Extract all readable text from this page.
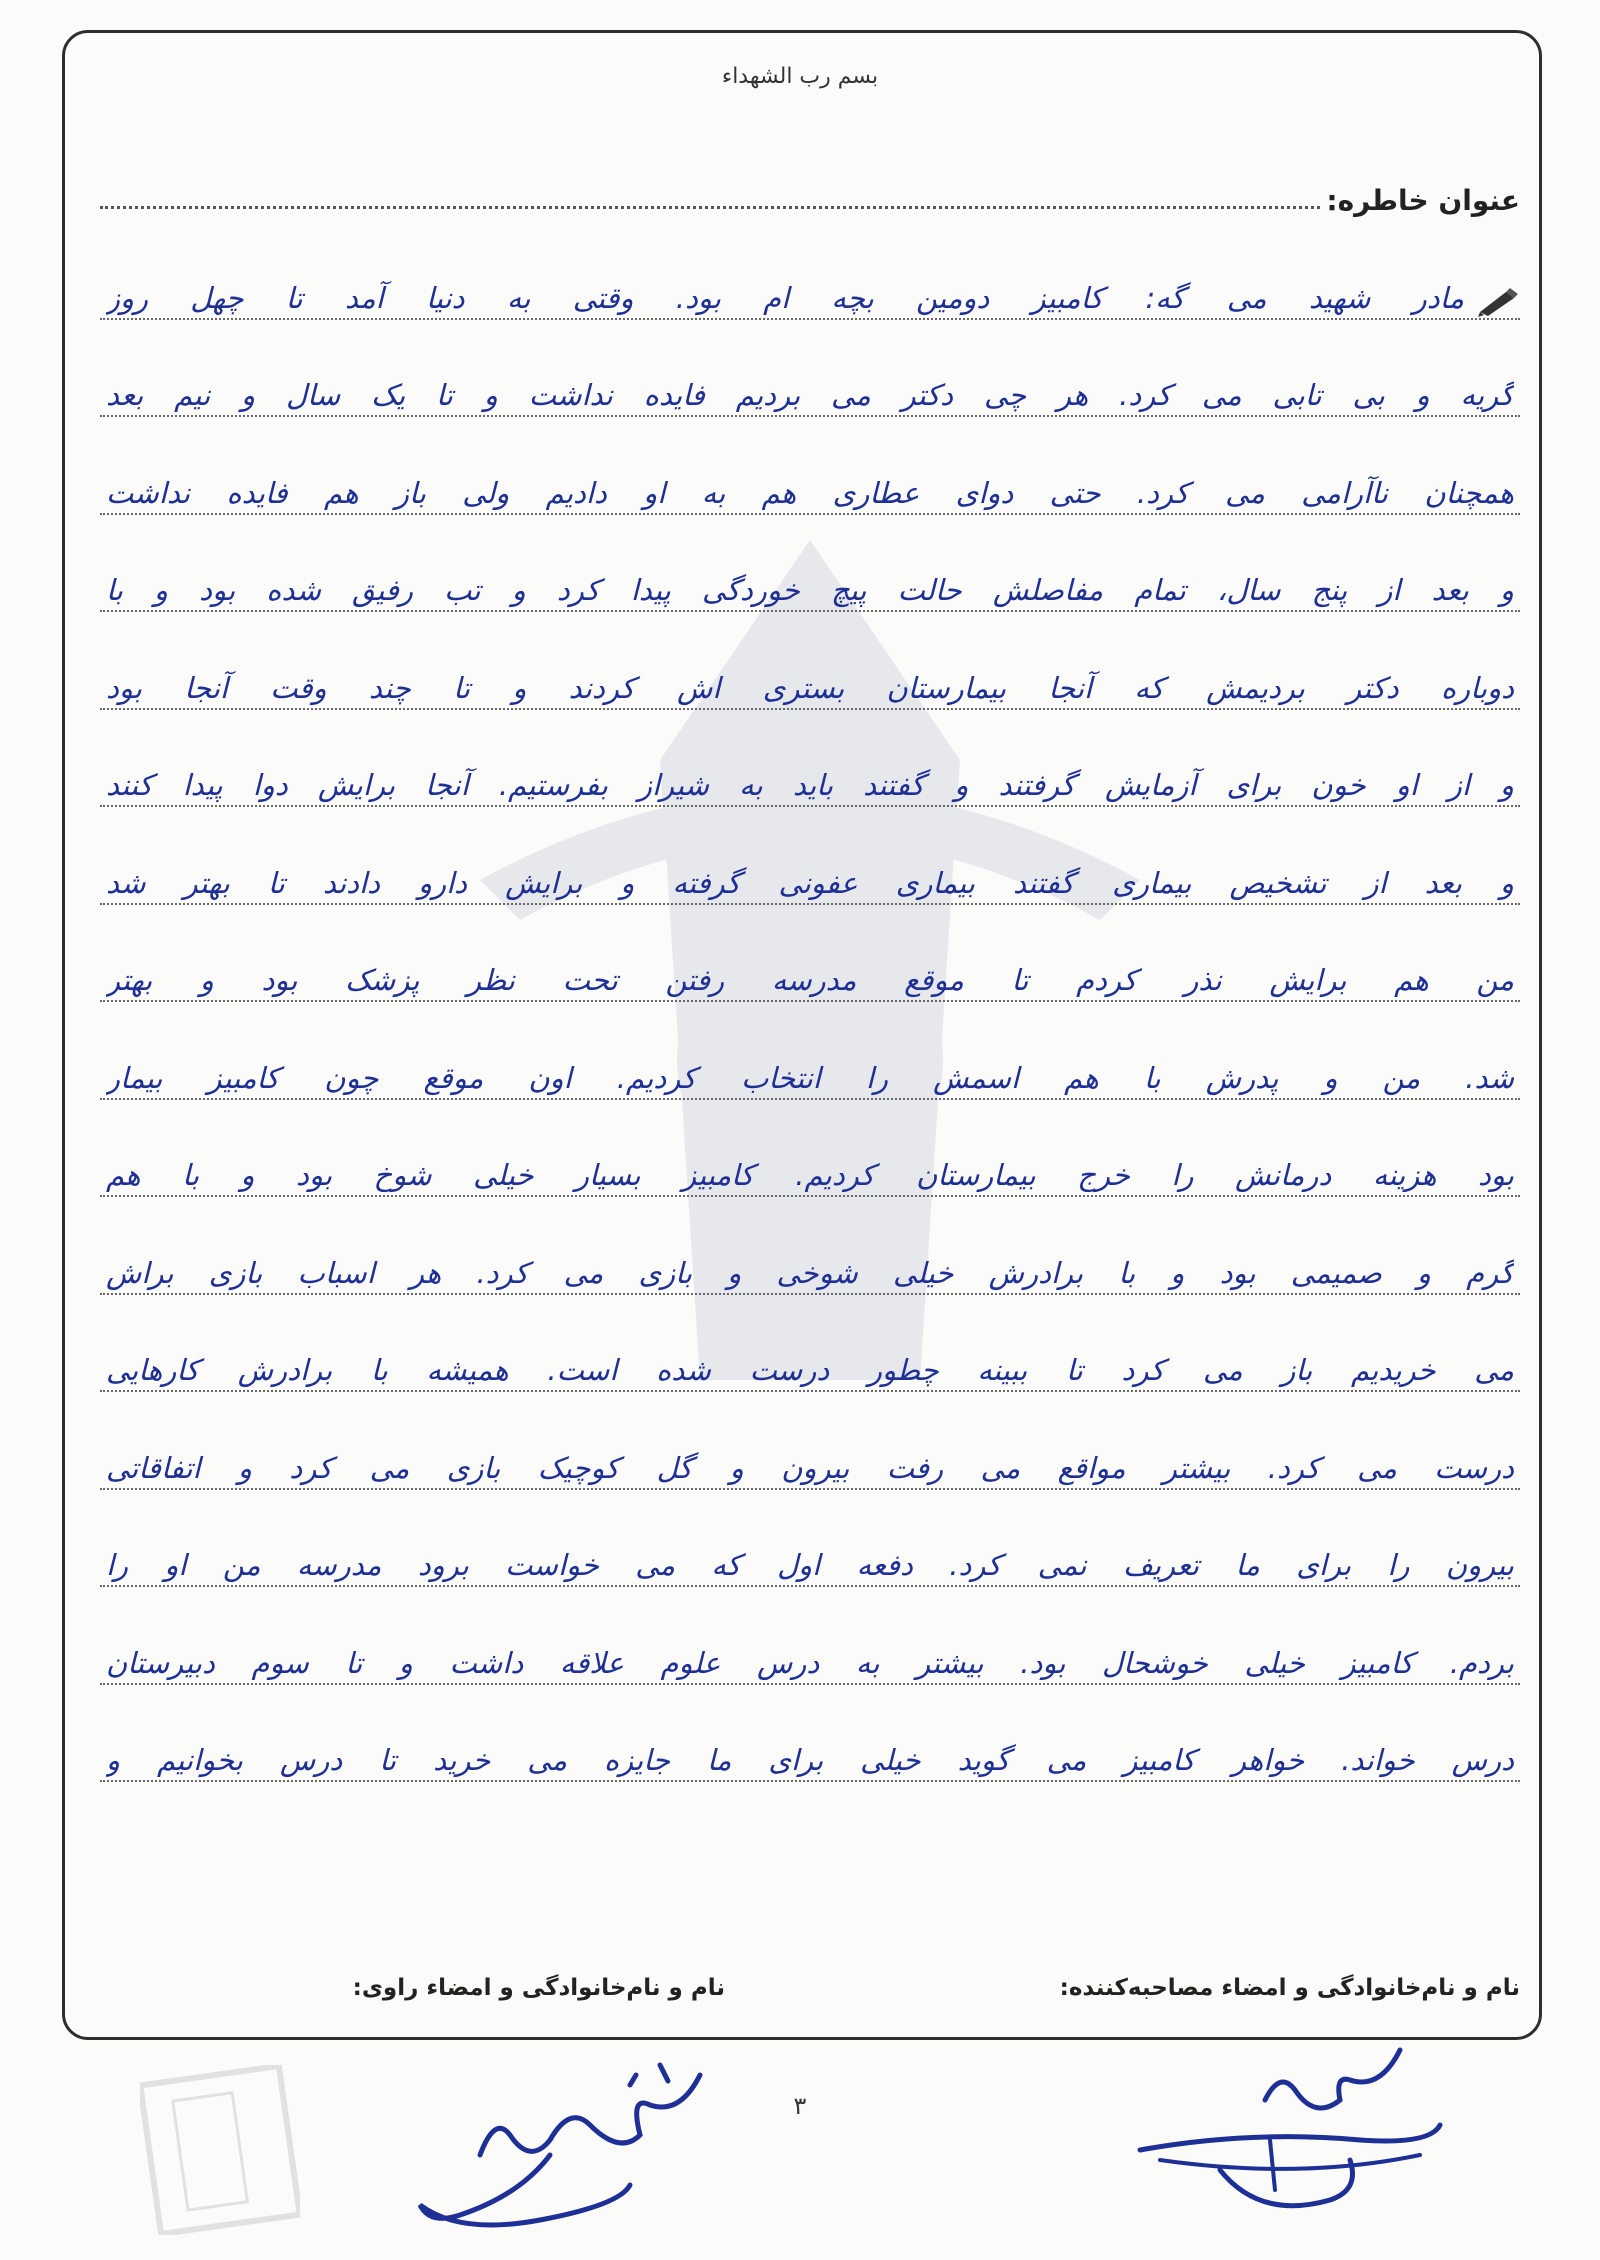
بسم رب الشهداء
عنوان خاطره:
مادر شهید می گه: کامبیز دومین بچه ام بود. وقتی به دنیا آمد تا چهل روز
گریه و بی تابی می کرد. هر چی دکتر می بردیم فایده نداشت و تا یک سال و نیم بعد
همچنان ناآرامی می کرد. حتی دوای عطاری هم به او دادیم ولی باز هم فایده نداشت
و بعد از پنج سال، تمام مفاصلش حالت پیچ خوردگی پیدا کرد و تب رفیق شده بود و با
دوباره دکتر بردیمش که آنجا بیمارستان بستری اش کردند و تا چند وقت آنجا بود
و از او خون برای آزمایش گرفتند و گفتند باید به شیراز بفرستیم. آنجا برایش دوا پیدا کنند
و بعد از تشخیص بیماری گفتند بیماری عفونی گرفته و برایش دارو دادند تا بهتر شد
من هم برایش نذر کردم تا موقع مدرسه رفتن تحت نظر پزشک بود و بهتر
شد. من و پدرش با هم اسمش را انتخاب کردیم. اون موقع چون کامبیز بیمار
بود هزینه درمانش را خرج بیمارستان کردیم. کامبیز بسیار خیلی شوخ بود و با هم
گرم و صمیمی بود و با برادرش خیلی شوخی و بازی می کرد. هر اسباب بازی براش
می خریدیم باز می کرد تا ببینه چطور درست شده است. همیشه با برادرش کارهایی
درست می کرد. بیشتر مواقع می رفت بیرون و گل کوچیک بازی می کرد و اتفاقاتی
بیرون را برای ما تعریف نمی کرد. دفعه اول که می خواست برود مدرسه من او را
بردم. کامبیز خیلی خوشحال بود. بیشتر به درس علوم علاقه داشت و تا سوم دبیرستان
درس خواند. خواهر کامبیز می گوید خیلی برای ما جایزه می خرید تا درس بخوانیم و
نام و نام‌خانوادگی و امضاء مصاحبه‌کننده:
نام و نام‌خانوادگی و امضاء راوی:
۳
